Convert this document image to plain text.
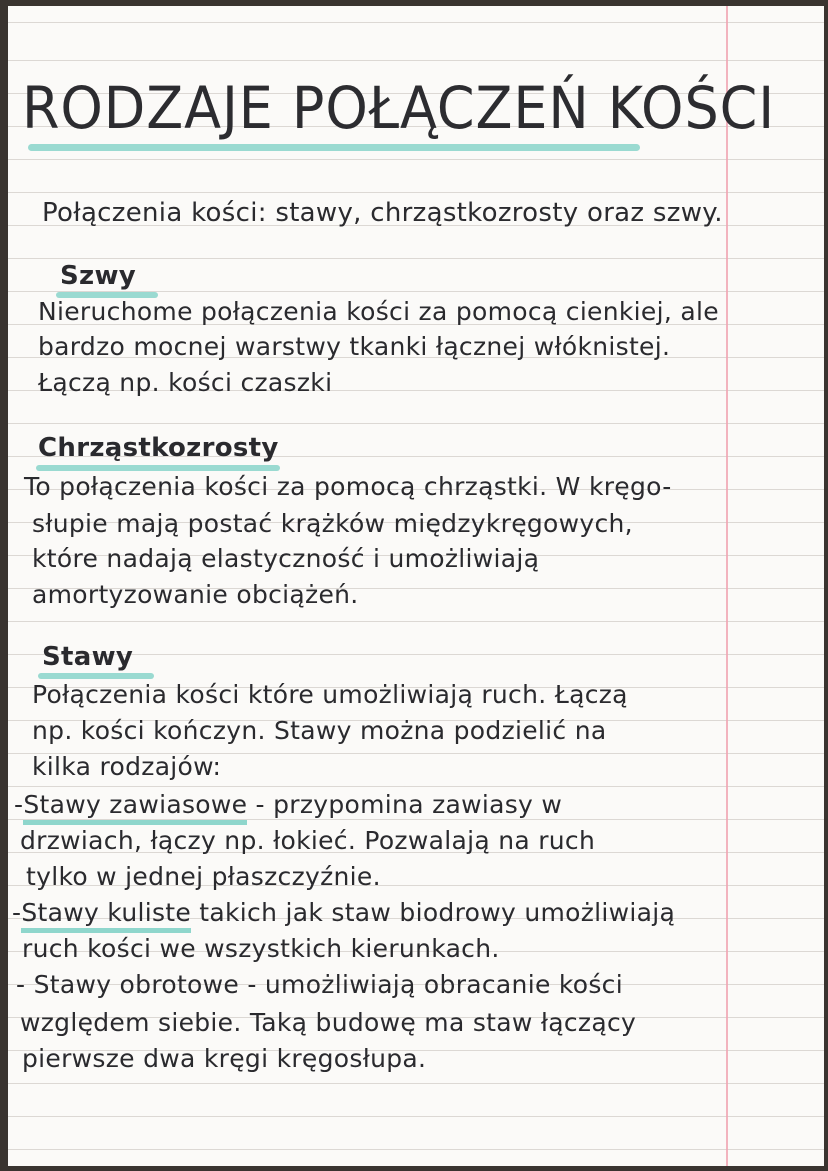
RODZAJE POŁĄCZEŃ KOŚCI

Połączenia kości: stawy, chrząstkozrosty oraz szwy.

Szwy

Nieruchome połączenia kości za pomocą cienkiej, ale

bardzo mocnej warstwy tkanki łącznej włóknistej.

Łączą np. kości czaszki

Chrząstkozrosty

To połączenia kości za pomocą chrząstki. W kręgo-

słupie mają postać krążków międzykręgowych,

które nadają elastyczność i umożliwiają

amortyzowanie obciążeń.

Stawy

Połączenia kości które umożliwiają ruch. Łączą

np. kości kończyn. Stawy można podzielić na

kilka rodzajów:

-Stawy zawiasowe - przypomina zawiasy w

drzwiach, łączy np. łokieć. Pozwalają na ruch

tylko w jednej płaszczyźnie.

-Stawy kuliste takich jak staw biodrowy umożliwiają

ruch kości we wszystkich kierunkach.

- Stawy obrotowe - umożliwiają obracanie kości

względem siebie. Taką budowę ma staw łączący

pierwsze dwa kręgi kręgosłupa.
